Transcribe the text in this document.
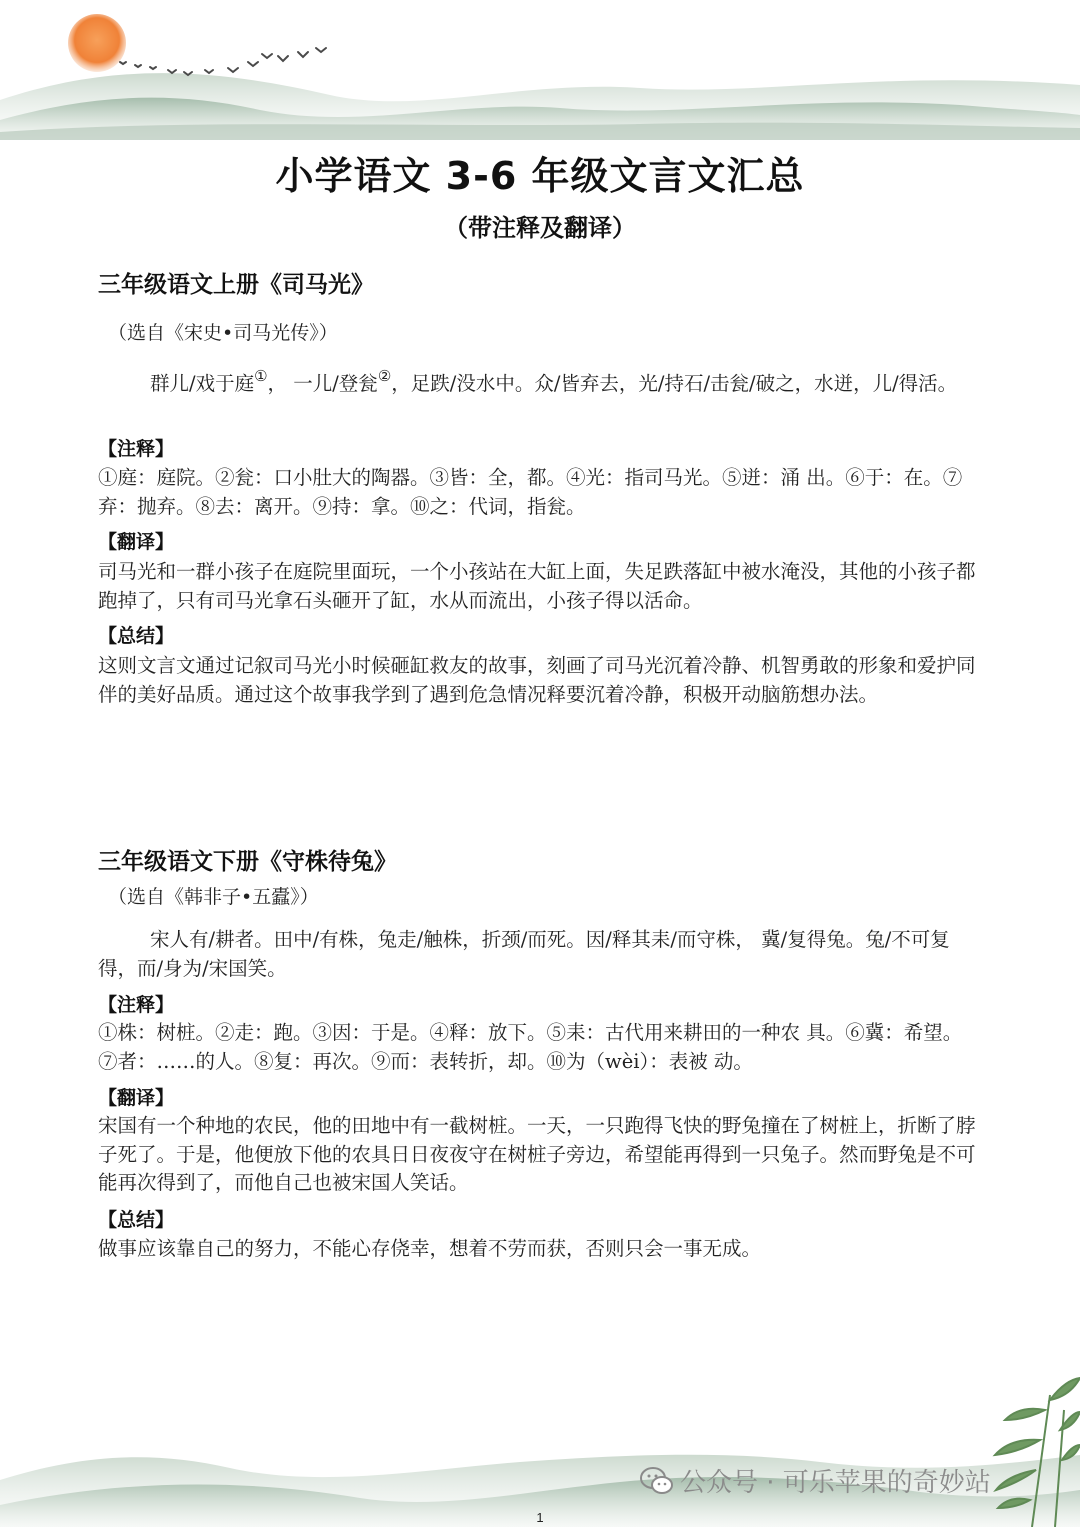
小学语文 3-6 年级文言文汇总
（带注释及翻译）
三年级语文上册《司马光》
（选自《宋史•司马光传》）
群儿/戏于庭①， 一儿/登瓮②，足跌/没水中。众/皆弃去，光/持石/击瓮/破之，水迸，儿/得活。
【注释】
①庭：庭院。②瓮：口小肚大的陶器。③皆：全，都。④光：指司马光。⑤迸：涌 出。⑥于：在。⑦弃：抛弃。⑧去：离开。⑨持：拿。⑩之：代词，指瓮。
【翻译】
司马光和一群小孩子在庭院里面玩，一个小孩站在大缸上面，失足跌落缸中被水淹没，其他的小孩子都跑掉了，只有司马光拿石头砸开了缸，水从而流出，小孩子得以活命。
【总结】
这则文言文通过记叙司马光小时候砸缸救友的故事，刻画了司马光沉着冷静、机智勇敢的形象和爱护同伴的美好品质。通过这个故事我学到了遇到危急情况释要沉着冷静，积极开动脑筋想办法。
三年级语文下册《守株待兔》
（选自《韩非子•五蠹》）
宋人有/耕者。田中/有株，兔走/触株，折颈/而死。因/释其耒/而守株， 冀/复得兔。兔/不可复得，而/身为/宋国笑。
【注释】
①株：树桩。②走：跑。③因：于是。④释：放下。⑤耒：古代用来耕田的一种农 具。⑥冀：希望。⑦者：……的人。⑧复：再次。⑨而：表转折，却。⑩为（wèi）：表被 动。
【翻译】
宋国有一个种地的农民，他的田地中有一截树桩。一天，一只跑得飞快的野兔撞在了树桩上，折断了脖子死了。于是，他便放下他的农具日日夜夜守在树桩子旁边，希望能再得到一只兔子。然而野兔是不可能再次得到了，而他自己也被宋国人笑话。
【总结】
做事应该靠自己的努力，不能心存侥幸，想着不劳而获，否则只会一事无成。
公众号 · 可乐苹果的奇妙站
1
